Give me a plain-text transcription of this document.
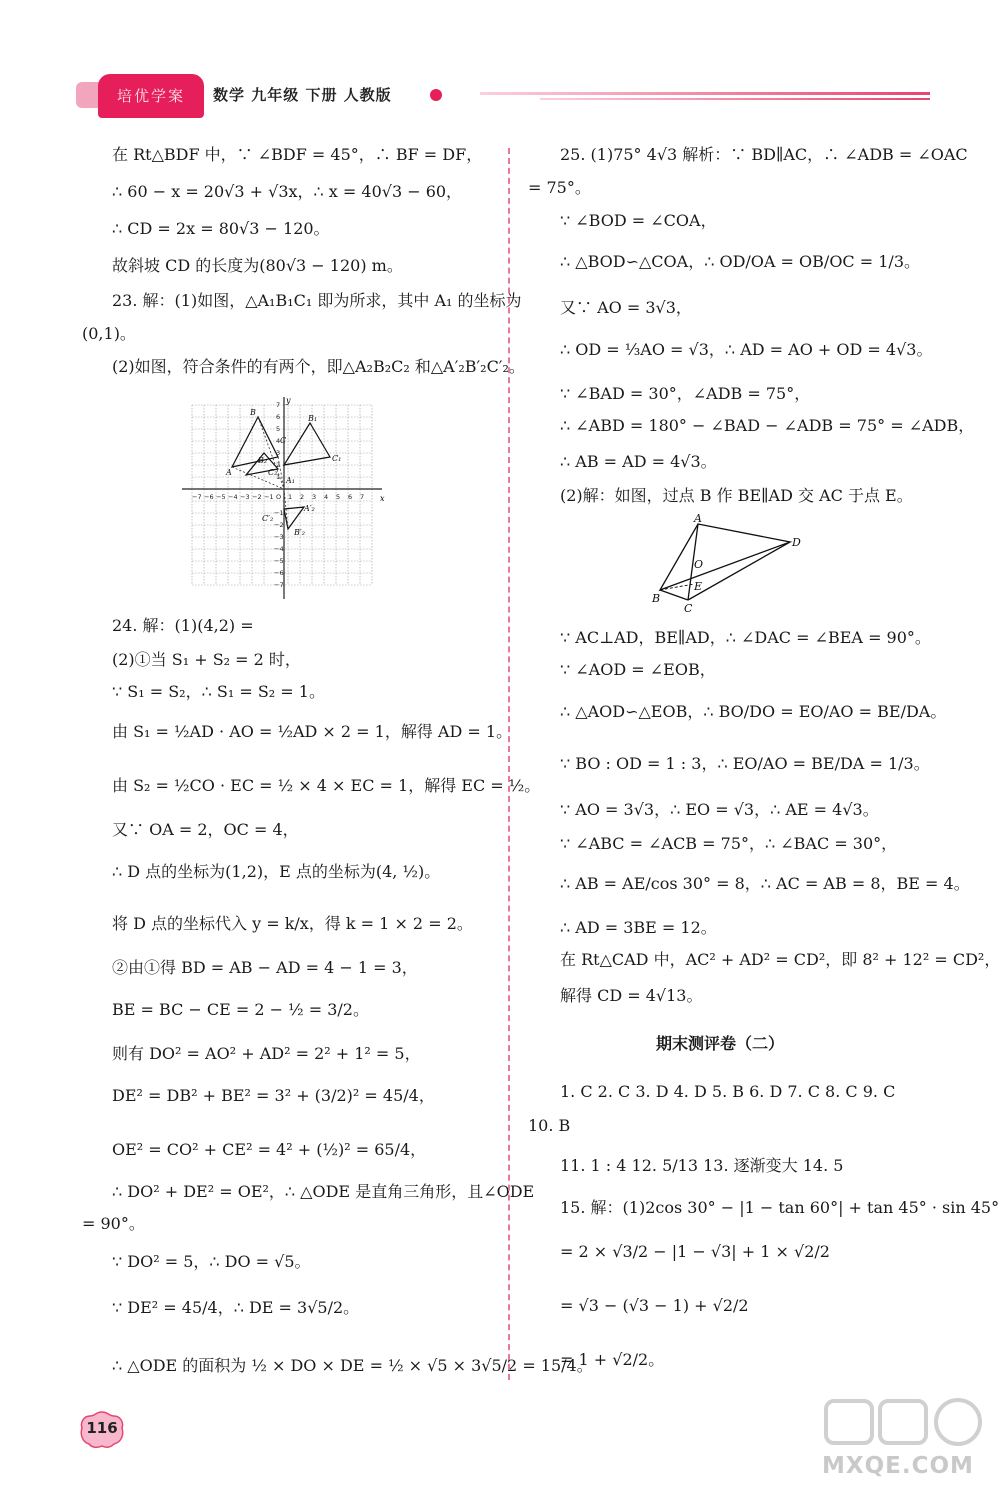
培优学案	数学 九年级 下册 人教版
在 Rt△BDF 中，∵ ∠BDF = 45°，∴ BF = DF，
∴ 60 − x = 20√3 + √3x，∴ x = 40√3 − 60，
∴ CD = 2x = 80√3 − 120。
故斜坡 CD 的长度为(80√3 − 120) m。
23. 解：(1)如图，△A₁B₁C₁ 即为所求，其中 A₁ 的坐标为
(0,1)。
(2)如图，符合条件的有两个，即△A₂B₂C₂ 和△A′₂B′₂C′₂。
x
y
−7 −6 −5 −4 −3 −2 −1 O 1 2 3 4 5 6 7
7
6
5
4
3
2
1
−1
−2
−3
−4
−5
−6
−7
B
B₁
C
C₁
A
A₁
B₂
C₂
A′₂
C′₂
B′₂
24. 解：(1)(4,2) =
(2)①当 S₁ + S₂ = 2 时，
∵ S₁ = S₂，∴ S₁ = S₂ = 1。
由 S₁ = ½AD · AO = ½AD × 2 = 1，解得 AD = 1。
由 S₂ = ½CO · EC = ½ × 4 × EC = 1，解得 EC = ½。
又∵ OA = 2，OC = 4，
∴ D 点的坐标为(1,2)，E 点的坐标为(4, ½)。
将 D 点的坐标代入 y = k/x，得 k = 1 × 2 = 2。
②由①得 BD = AB − AD = 4 − 1 = 3，
BE = BC − CE = 2 − ½ = 3/2。
则有 DO² = AO² + AD² = 2² + 1² = 5，
DE² = DB² + BE² = 3² + (3/2)² = 45/4，
OE² = CO² + CE² = 4² + (½)² = 65/4，
∴ DO² + DE² = OE²，∴ △ODE 是直角三角形，且∠ODE
= 90°。
∵ DO² = 5，∴ DO = √5。
∵ DE² = 45/4，∴ DE = 3√5/2。
∴ △ODE 的面积为 ½ × DO × DE = ½ × √5 × 3√5/2 = 15/4。
25. (1)75° 4√3 解析：∵ BD∥AC，∴ ∠ADB = ∠OAC
= 75°。
∵ ∠BOD = ∠COA，
∴ △BOD∽△COA，∴ OD/OA = OB/OC = 1/3。
又∵ AO = 3√3，
∴ OD = ⅓AO = √3，∴ AD = AO + OD = 4√3。
∵ ∠BAD = 30°，∠ADB = 75°，
∴ ∠ABD = 180° − ∠BAD − ∠ADB = 75° = ∠ADB，
∴ AB = AD = 4√3。
(2)解：如图，过点 B 作 BE∥AD 交 AC 于点 E。
A
D
O
E
B
C
∵ AC⊥AD，BE∥AD，∴ ∠DAC = ∠BEA = 90°。
∵ ∠AOD = ∠EOB，
∴ △AOD∽△EOB，∴ BO/DO = EO/AO = BE/DA。
∵ BO : OD = 1 : 3，∴ EO/AO = BE/DA = 1/3。
∵ AO = 3√3，∴ EO = √3，∴ AE = 4√3。
∵ ∠ABC = ∠ACB = 75°，∴ ∠BAC = 30°，
∴ AB = AE/cos 30° = 8，∴ AC = AB = 8，BE = 4。
∴ AD = 3BE = 12。
在 Rt△CAD 中，AC² + AD² = CD²，即 8² + 12² = CD²，
解得 CD = 4√13。
期末测评卷（二）
1. C 2. C 3. D 4. D 5. B 6. D 7. C 8. C 9. C
10. B
11. 1 : 4 12. 5/13 13. 逐渐变大 14. 5
15. 解：(1)2cos 30° − |1 − tan 60°| + tan 45° · sin 45°
= 2 × √3/2 − |1 − √3| + 1 × √2/2
= √3 − (√3 − 1) + √2/2
= 1 + √2/2。
116
MXQE.COM
